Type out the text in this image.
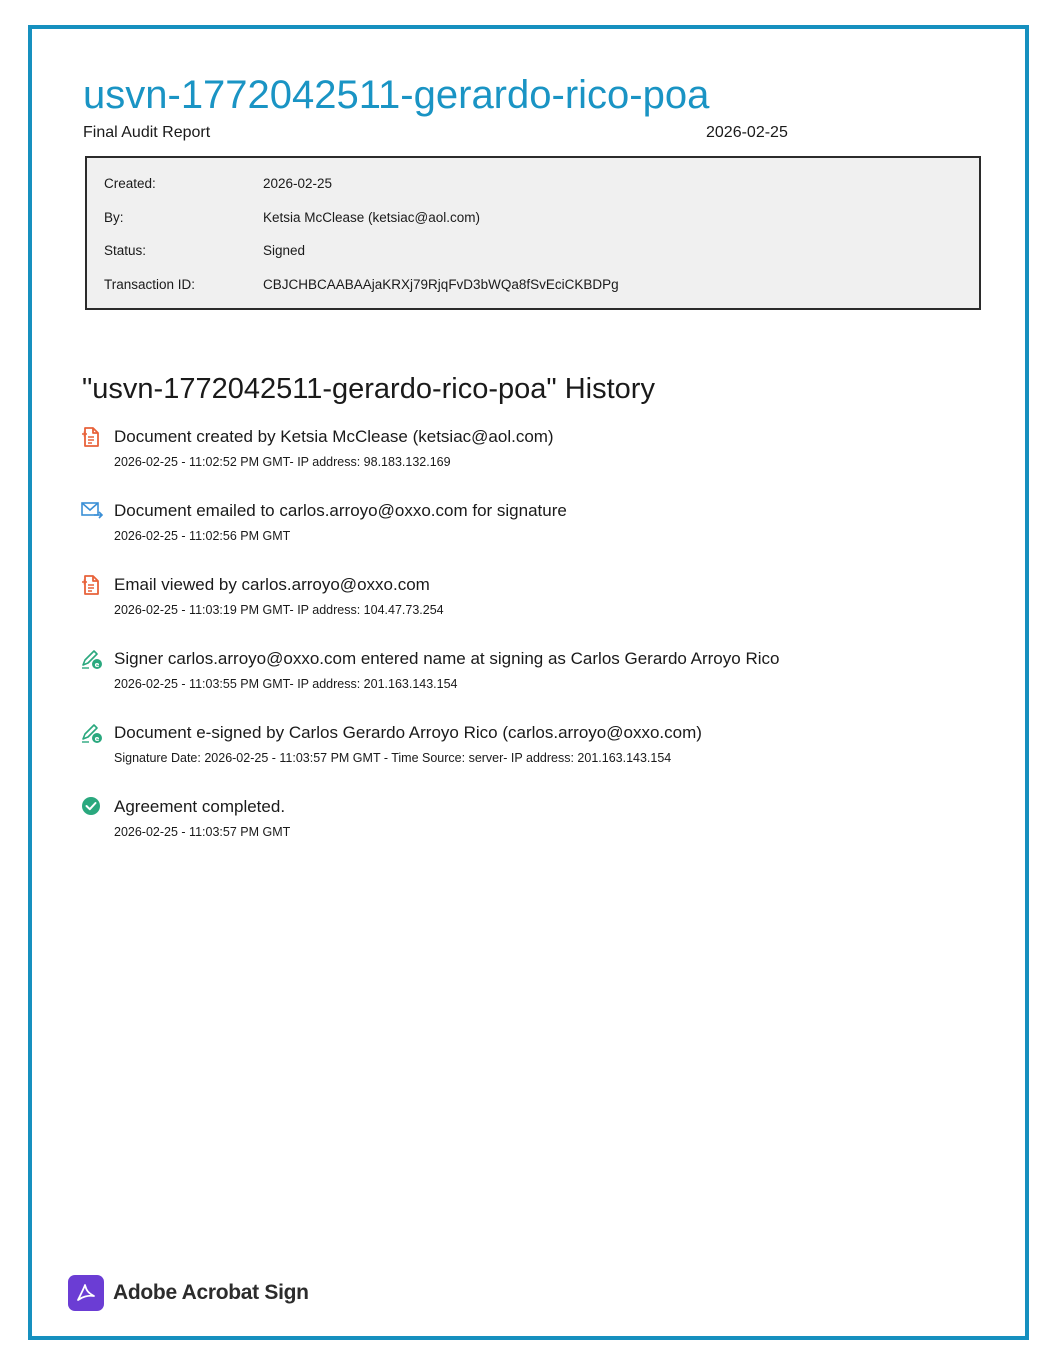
usvn-1772042511-gerardo-rico-poa
Final Audit Report	2026-02-25
Created:	2026-02-25
By:	Ketsia McClease (ketsiac@aol.com)
Status:	Signed
Transaction ID:	CBJCHBCAABAAjaKRXj79RjqFvD3bWQa8fSvEciCKBDPg
"usvn-1772042511-gerardo-rico-poa" History
Document created by Ketsia McClease (ketsiac@aol.com)
2026-02-25 - 11:02:52 PM GMT- IP address: 98.183.132.169
Document emailed to carlos.arroyo@oxxo.com for signature
2026-02-25 - 11:02:56 PM GMT
Email viewed by carlos.arroyo@oxxo.com
2026-02-25 - 11:03:19 PM GMT- IP address: 104.47.73.254
e Signer carlos.arroyo@oxxo.com entered name at signing as Carlos Gerardo Arroyo Rico
2026-02-25 - 11:03:55 PM GMT- IP address: 201.163.143.154
e Document e-signed by Carlos Gerardo Arroyo Rico (carlos.arroyo@oxxo.com)
Signature Date: 2026-02-25 - 11:03:57 PM GMT - Time Source: server- IP address: 201.163.143.154
Agreement completed.
2026-02-25 - 11:03:57 PM GMT
Adobe Acrobat Sign
